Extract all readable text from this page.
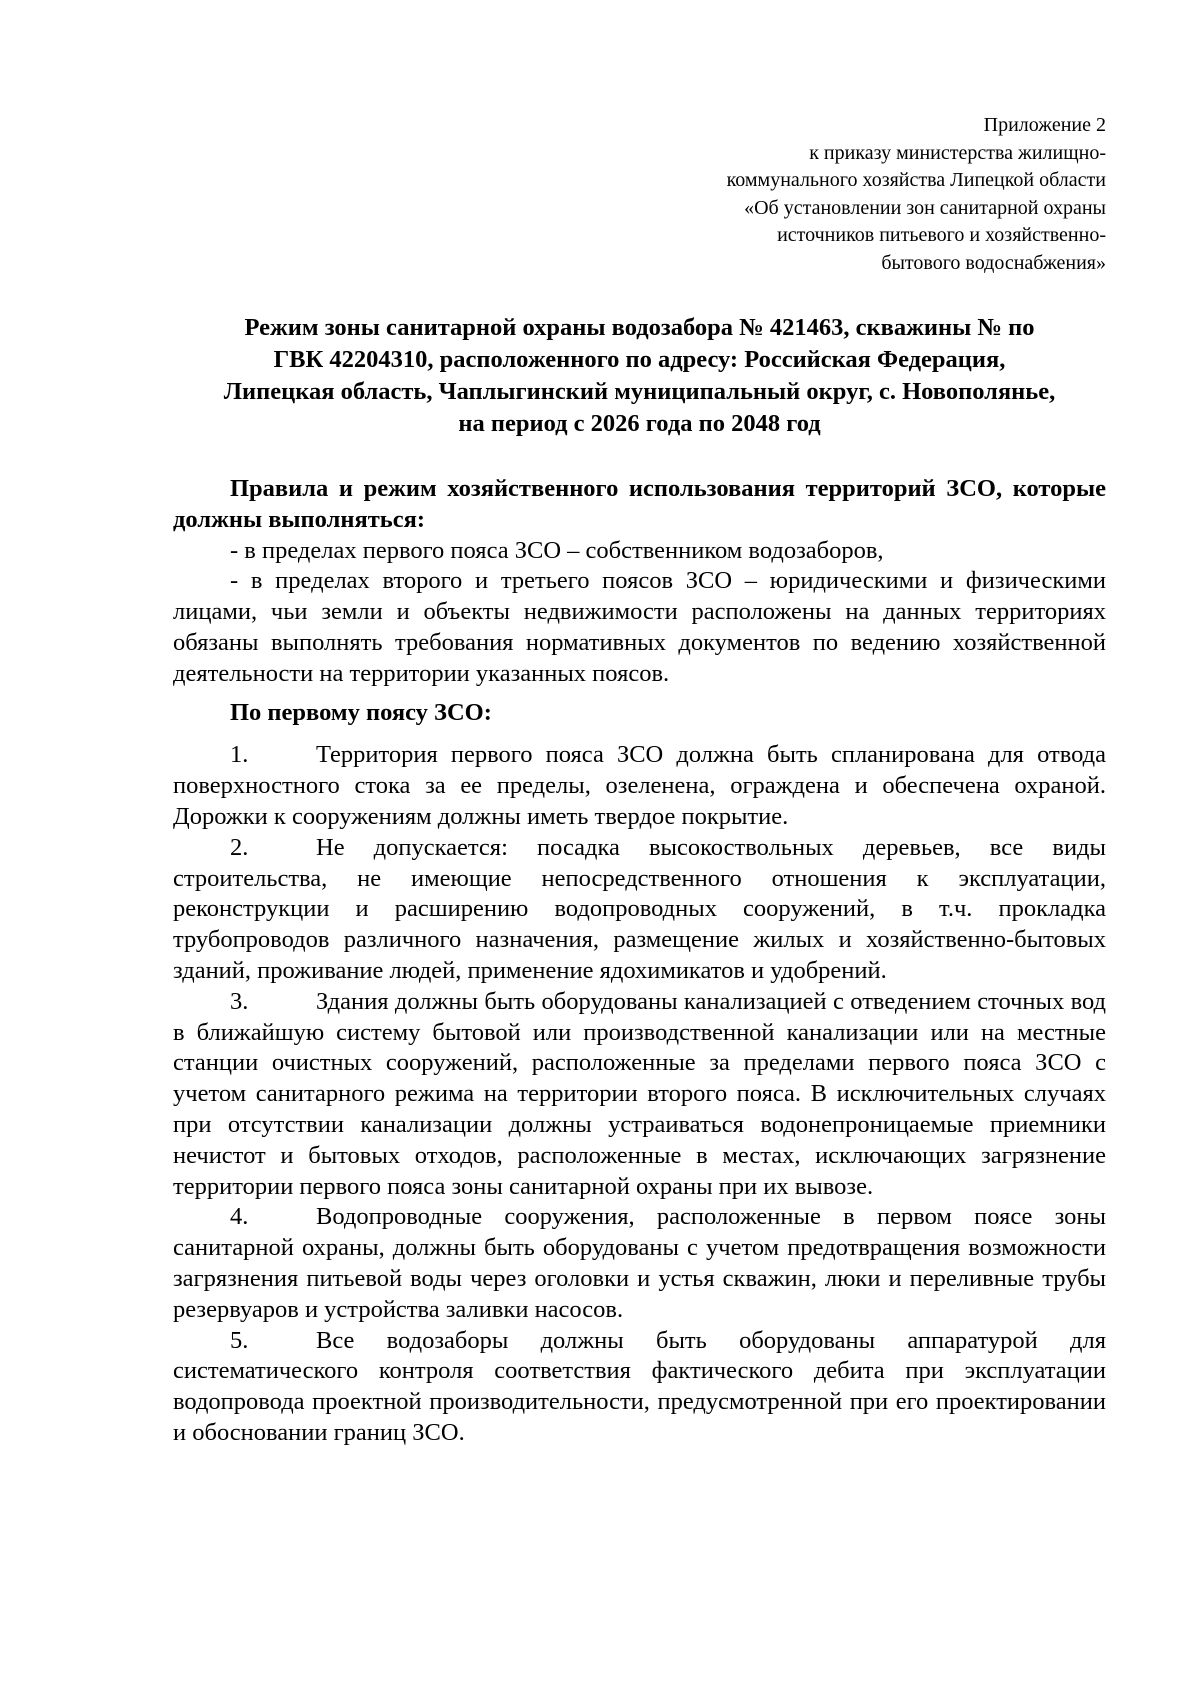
Приложение 2
к приказу министерства жилищно-
коммунального хозяйства Липецкой области
«Об установлении зон санитарной охраны
источников питьевого и хозяйственно-
бытового водоснабжения»
Режим зоны санитарной охраны водозабора № 421463, скважины № по
ГВК 42204310, расположенного по адресу: Российская Федерация,
Липецкая область, Чаплыгинский муниципальный округ, с. Новополянье,
на период с 2026 года по 2048 год

Правила и режим хозяйственного использования территорий ЗСО, которые должны выполняться:

- в пределах первого пояса ЗСО – собственником водозаборов,

- в пределах второго и третьего поясов ЗСО – юридическими и физическими лицами, чьи земли и объекты недвижимости расположены на данных территориях обязаны выполнять требования нормативных документов по ведению хозяйственной деятельности на территории указанных поясов.

По первому поясу ЗСО:

1.	Территория первого пояса ЗСО должна быть спланирована для отвода поверхностного стока за ее пределы, озеленена, ограждена и обеспечена охраной. Дорожки к сооружениям должны иметь твердое покрытие.

2.	Не допускается: посадка высокоствольных деревьев, все виды строительства, не имеющие непосредственного отношения к эксплуатации, реконструкции и расширению водопроводных сооружений, в т.ч. прокладка трубопроводов различного назначения, размещение жилых и хозяйственно-бытовых зданий, проживание людей, применение ядохимикатов и удобрений.

3.	Здания должны быть оборудованы канализацией с отведением сточных вод в ближайшую систему бытовой или производственной канализации или на местные станции очистных сооружений, расположенные за пределами первого пояса ЗСО с учетом санитарного режима на территории второго пояса. В исключительных случаях при отсутствии канализации должны устраиваться водонепроницаемые приемники нечистот и бытовых отходов, расположенные в местах, исключающих загрязнение территории первого пояса зоны санитарной охраны при их вывозе.

4.	Водопроводные сооружения, расположенные в первом поясе зоны санитарной охраны, должны быть оборудованы с учетом предотвращения возможности загрязнения питьевой воды через оголовки и устья скважин, люки и переливные трубы резервуаров и устройства заливки насосов.

5.	Все водозаборы должны быть оборудованы аппаратурой для систематического контроля соответствия фактического дебита при эксплуатации водопровода проектной производительности, предусмотренной при его проектировании и обосновании границ ЗСО.
